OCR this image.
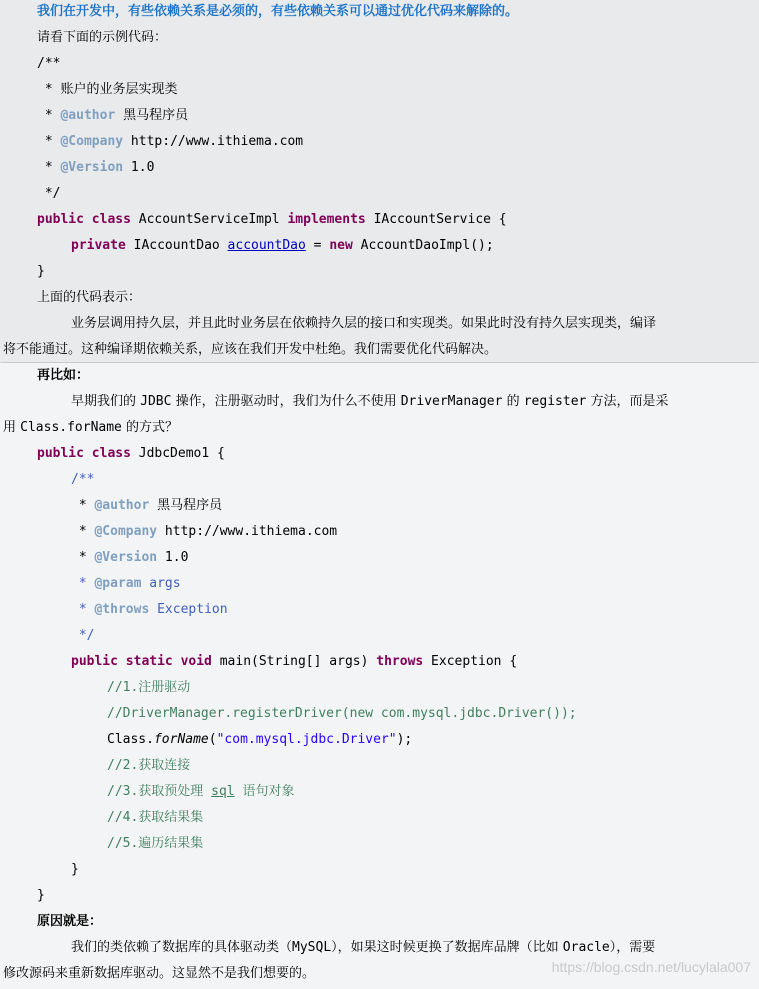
我们在开发中，有些依赖关系是必须的，有些依赖关系可以通过优化代码来解除的。
请看下面的示例代码：
/**
* 账户的业务层实现类
* @author 黑马程序员
* @Company http://www.ithiema.com
* @Version 1.0
*/
public class AccountServiceImpl implements IAccountService {
private IAccountDao accountDao = new AccountDaoImpl();
}
上面的代码表示：
业务层调用持久层，并且此时业务层在依赖持久层的接口和实现类。如果此时没有持久层实现类，编译
将不能通过。这种编译期依赖关系，应该在我们开发中杜绝。我们需要优化代码解决。
再比如：
早期我们的 JDBC 操作，注册驱动时，我们为什么不使用 DriverManager 的 register 方法，而是采
用 Class.forName 的方式？
public class JdbcDemo1 {
/**
* @author 黑马程序员
* @Company http://www.ithiema.com
* @Version 1.0
* @param args
* @throws Exception
*/
public static void main(String[] args) throws Exception {
//1.注册驱动
//DriverManager.registerDriver(new com.mysql.jdbc.Driver());
Class.forName("com.mysql.jdbc.Driver");
//2.获取连接
//3.获取预处理 sql 语句对象
//4.获取结果集
//5.遍历结果集
}
}
原因就是：
我们的类依赖了数据库的具体驱动类（MySQL），如果这时候更换了数据库品牌（比如 Oracle），需要
修改源码来重新数据库驱动。这显然不是我们想要的。	https://blog.csdn.net/lucylala007
